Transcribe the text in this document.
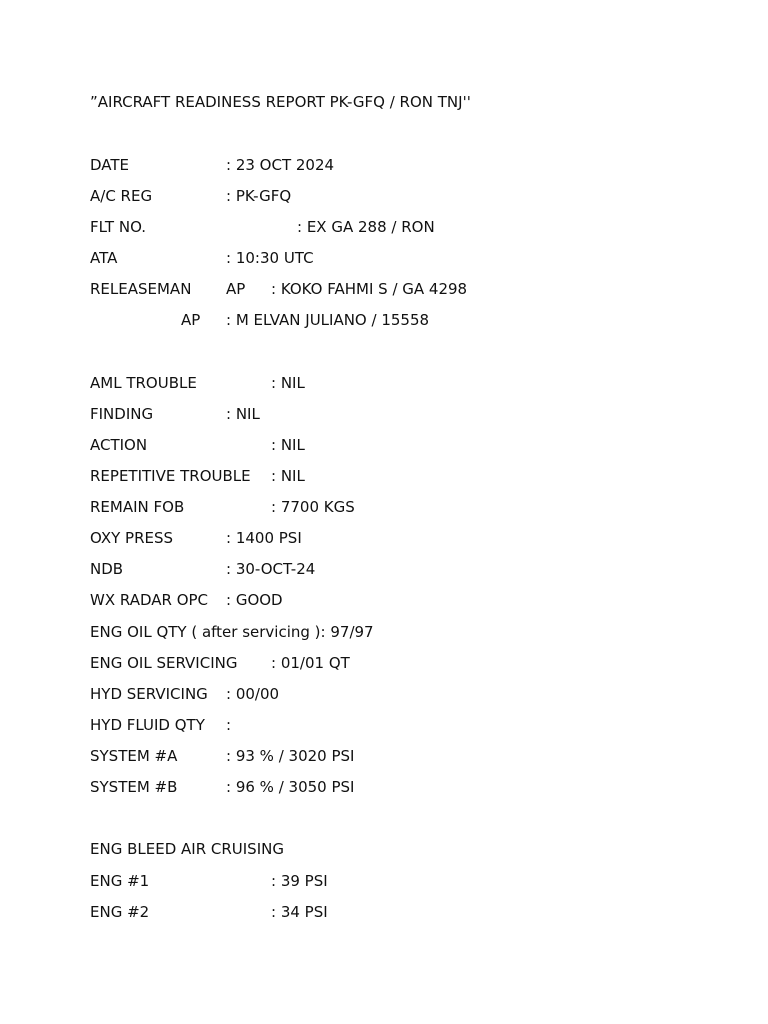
”AIRCRAFT READINESS REPORT PK-GFQ / RON TNJ''
DATE	: 23 OCT 2024
A/C REG	: PK-GFQ
FLT NO.	: EX GA 288 / RON
ATA	: 10:30 UTC
RELEASEMAN AP : KOKO FAHMI S / GA 4298
AP : M ELVAN JULIANO / 15558
AML TROUBLE	: NIL
FINDING	: NIL
ACTION	: NIL
REPETITIVE TROUBLE : NIL
REMAIN FOB	: 7700 KGS
OXY PRESS	: 1400 PSI
NDB	: 30-OCT-24
WX RADAR OPC : GOOD
ENG OIL QTY ( after servicing ): 97/97
ENG OIL SERVICING : 01/01 QT
HYD SERVICING : 00/00
HYD FLUID QTY :
SYSTEM #A	: 93 % / 3020 PSI
SYSTEM #B	: 96 % / 3050 PSI
ENG BLEED AIR CRUISING
ENG #1	: 39 PSI
ENG #2	: 34 PSI
